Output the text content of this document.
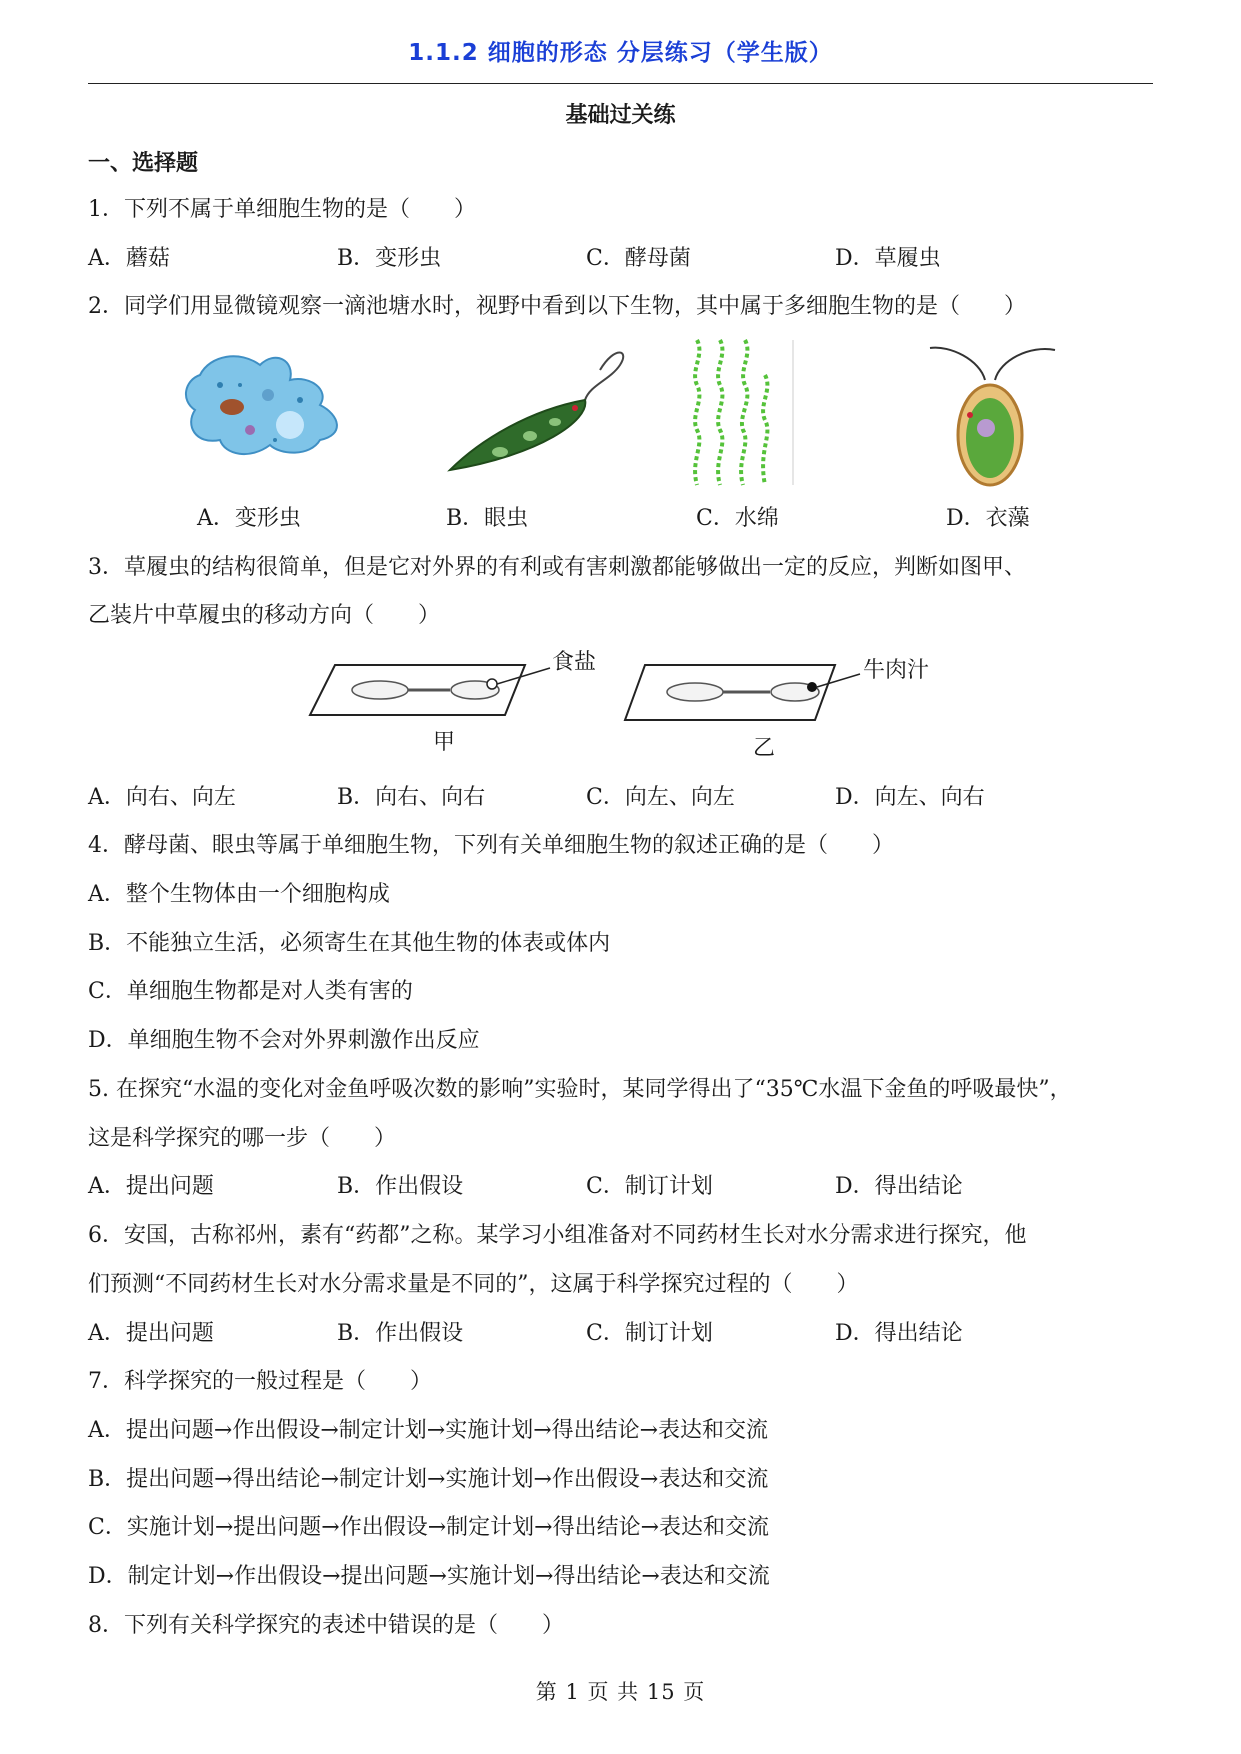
1.1.2 细胞的形态 分层练习（学生版）
基础过关练
一、选择题
1．下列不属于单细胞生物的是（　　）
A．蘑菇	B．变形虫	C．酵母菌	D．草履虫
2．同学们用显微镜观察一滴池塘水时，视野中看到以下生物，其中属于多细胞生物的是（　　）
A．变形虫	B．眼虫	C．水绵	D．衣藻
3．草履虫的结构很简单，但是它对外界的有利或有害刺激都能够做出一定的反应，判断如图甲、
乙装片中草履虫的移动方向（　　）
食盐	牛肉汁
甲	乙
A．向右、向左	B．向右、向右	C．向左、向左	D．向左、向右
4．酵母菌、眼虫等属于单细胞生物，下列有关单细胞生物的叙述正确的是（　　）
A．整个生物体由一个细胞构成
B．不能独立生活，必须寄生在其他生物的体表或体内
C．单细胞生物都是对人类有害的
D．单细胞生物不会对外界刺激作出反应
5. 在探究“水温的变化对金鱼呼吸次数的影响”实验时，某同学得出了“35℃水温下金鱼的呼吸最快”，
这是科学探究的哪一步（　　）
A．提出问题	B．作出假设	C．制订计划	D．得出结论
6．安国，古称祁州，素有“药都”之称。某学习小组准备对不同药材生长对水分需求进行探究，他
们预测“不同药材生长对水分需求量是不同的”，这属于科学探究过程的（　　）
A．提出问题	B．作出假设	C．制订计划	D．得出结论
7．科学探究的一般过程是（　　）
A．提出问题→作出假设→制定计划→实施计划→得出结论→表达和交流
B．提出问题→得出结论→制定计划→实施计划→作出假设→表达和交流
C．实施计划→提出问题→作出假设→制定计划→得出结论→表达和交流
D．制定计划→作出假设→提出问题→实施计划→得出结论→表达和交流
8．下列有关科学探究的表述中错误的是（　　）
第 1 页 共 15 页
